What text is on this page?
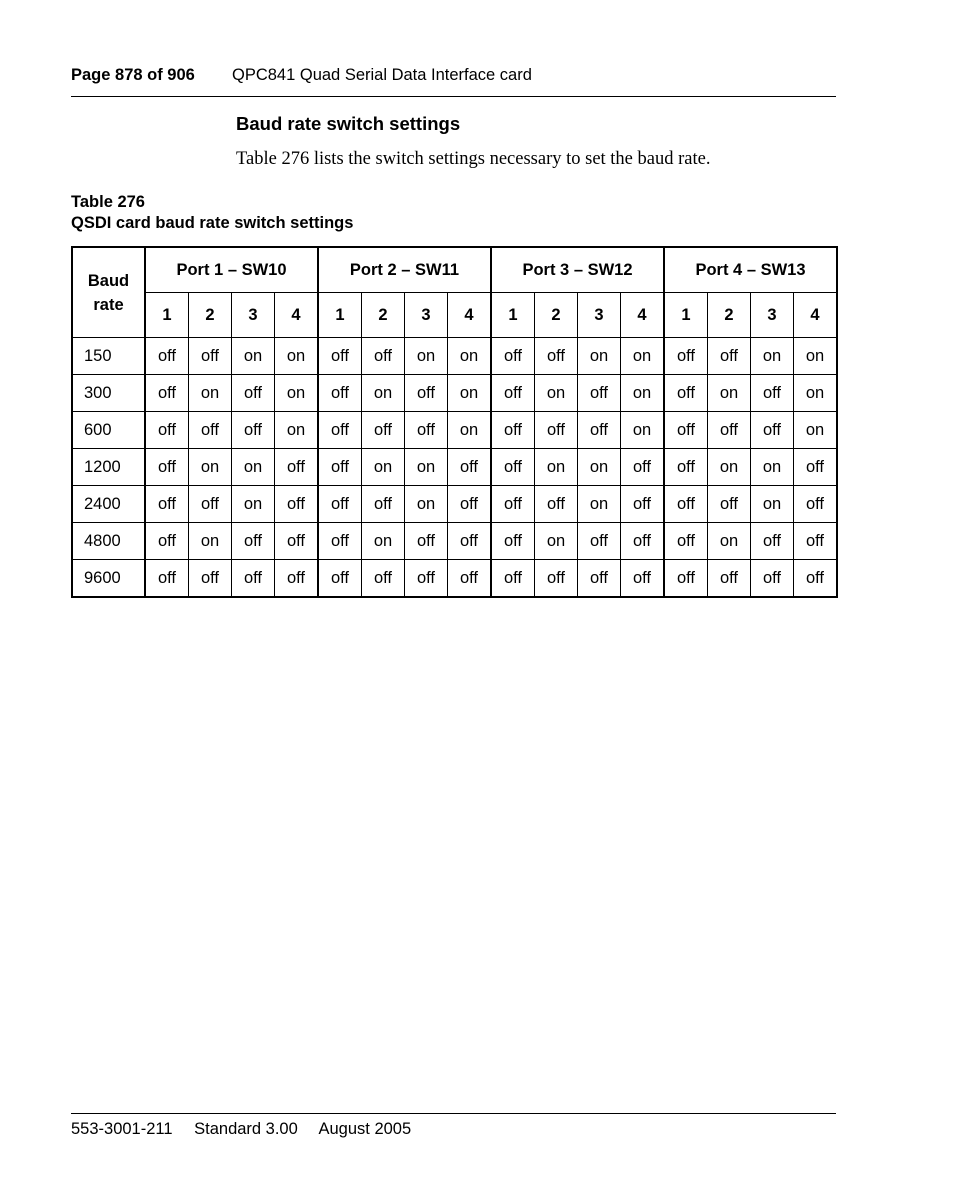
Page 878 of 906 QPC841 Quad Serial Data Interface card
Baud rate switch settings
Table 276 lists the switch settings necessary to set the baud rate.
Table 276
QSDI card baud rate switch settings
Baud
rate	Port 1 – SW10				Port 2 – SW11				Port 3 – SW12				Port 4 – SW13			
	1	2	3	4	1	2	3	4	1	2	3	4	1	2	3	4
150	off	off	on	on	off	off	on	on	off	off	on	on	off	off	on	on
300	off	on	off	on	off	on	off	on	off	on	off	on	off	on	off	on
600	off	off	off	on	off	off	off	on	off	off	off	on	off	off	off	on
1200	off	on	on	off	off	on	on	off	off	on	on	off	off	on	on	off
2400	off	off	on	off	off	off	on	off	off	off	on	off	off	off	on	off
4800	off	on	off	off	off	on	off	off	off	on	off	off	off	on	off	off
9600	off	off	off	off	off	off	off	off	off	off	off	off	off	off	off	off
553-3001-211 Standard 3.00 August 2005
